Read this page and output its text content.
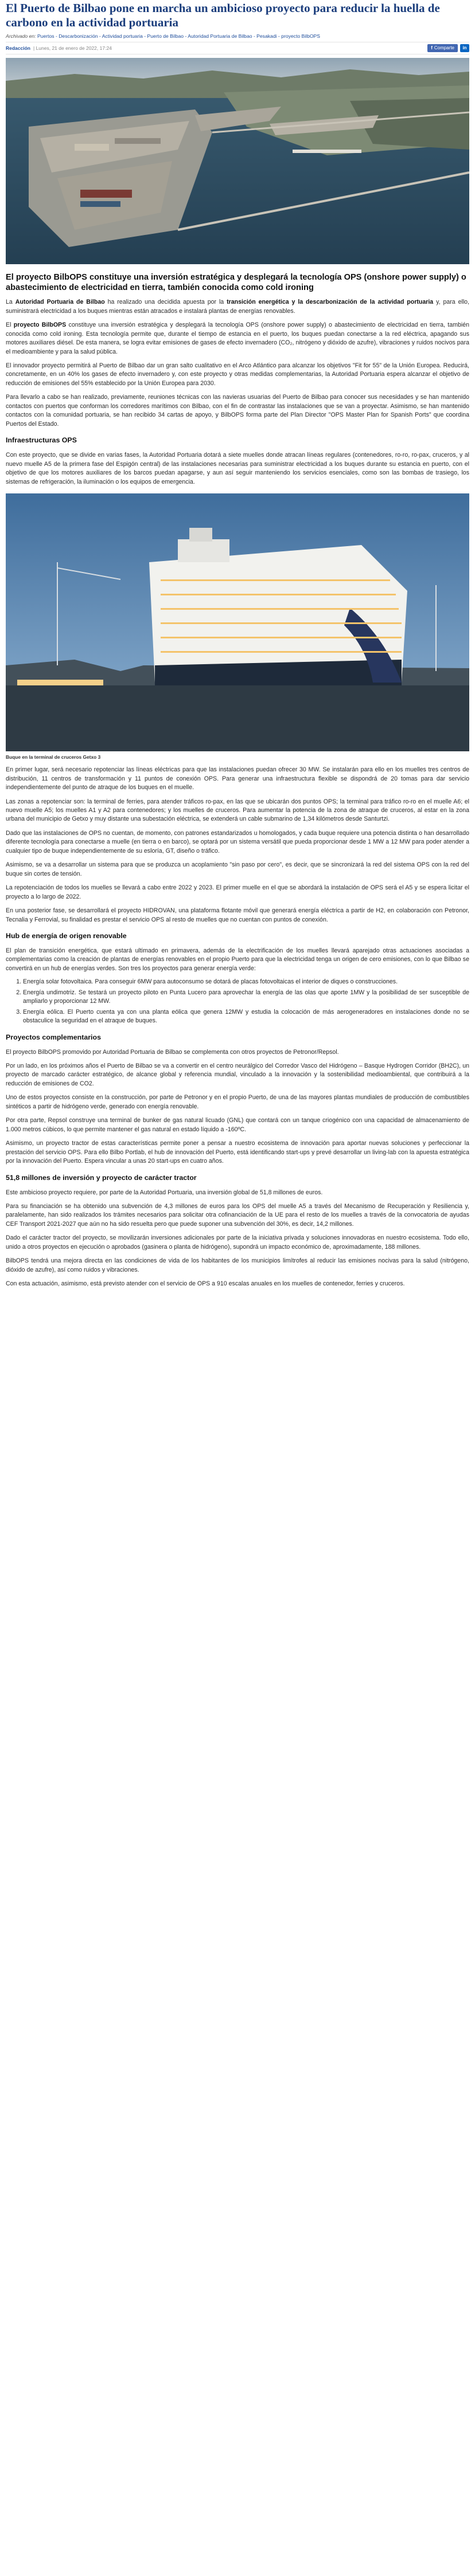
El Puerto de Bilbao pone en marcha un ambicioso proyecto para reducir la huella de carbono en la actividad portuaria
Archivado en: Puertos - Descarbonización - Actividad portuaria - Puerto de Bilbao - Autoridad Portuaria de Bilbao - Pesakadi - proyecto BilbOPS
Redacción | Lunes, 21 de enero de 2022, 17:24	f Comparte in
El proyecto BilbOPS constituye una inversión estratégica y desplegará la tecnología OPS (onshore power supply) o abastecimiento de electricidad en tierra, también conocida como cold ironing

La Autoridad Portuaria de Bilbao ha realizado una decidida apuesta por la transición energética y la descarbonización de la actividad portuaria y, para ello, suministrará electricidad a los buques mientras están atracados e instalará plantas de energías renovables.

El proyecto BilbOPS constituye una inversión estratégica y desplegará la tecnología OPS (onshore power supply) o abastecimiento de electricidad en tierra, también conocida como cold ironing. Esta tecnología permite que, durante el tiempo de estancia en el puerto, los buques puedan conectarse a la red eléctrica, apagando sus motores auxiliares diésel. De esta manera, se logra evitar emisiones de gases de efecto invernadero (CO₂, nitrógeno y dióxido de azufre), vibraciones y ruidos nocivos para el medioambiente y para la salud pública.

El innovador proyecto permitirá al Puerto de Bilbao dar un gran salto cualitativo en el Arco Atlántico para alcanzar los objetivos "Fit for 55" de la Unión Europea. Reducirá, concretamente, en un 40% los gases de efecto invernadero y, con este proyecto y otras medidas complementarias, la Autoridad Portuaria espera alcanzar el objetivo de reducción de emisiones del 55% establecido por la Unión Europea para 2030.

Para llevarlo a cabo se han realizado, previamente, reuniones técnicas con las navieras usuarias del Puerto de Bilbao para conocer sus necesidades y se han mantenido contactos con puertos que conforman los corredores marítimos con Bilbao, con el fin de contrastar las instalaciones que se van a proyectar. Asimismo, se han mantenido contactos con la comunidad portuaria, se han recibido 34 cartas de apoyo, y BilbOPS forma parte del Plan Director "OPS Master Plan for Spanish Ports" que coordina Puertos del Estado.

Infraestructuras OPS

Con este proyecto, que se divide en varias fases, la Autoridad Portuaria dotará a siete muelles donde atracan líneas regulares (contenedores, ro-ro, ro-pax, cruceros, y al nuevo muelle A5 de la primera fase del Espigón central) de las instalaciones necesarias para suministrar electricidad a los buques durante su estancia en puerto, con el objetivo de que los motores auxiliares de los barcos puedan apagarse, y aun así seguir manteniendo los servicios esenciales, como son las bombas de trasiego, los sistemas de refrigeración, la iluminación o los equipos de emergencia.

Buque en la terminal de cruceros Getxo 3

En primer lugar, será necesario repotenciar las líneas eléctricas para que las instalaciones puedan ofrecer 30 MW. Se instalarán para ello en los muelles tres centros de distribución, 11 centros de transformación y 11 puntos de conexión OPS. Para generar una infraestructura flexible se dispondrá de 20 tomas para dar servicio independientemente del punto de atraque de los buques en el muelle.

Las zonas a repotenciar son: la terminal de ferries, para atender tráficos ro-pax, en las que se ubicarán dos puntos OPS; la terminal para tráfico ro-ro en el muelle A6; el nuevo muelle A5; los muelles A1 y A2 para contenedores; y los muelles de cruceros. Para aumentar la potencia de la zona de atraque de cruceros, al estar en la zona urbana del municipio de Getxo y muy distante una subestación eléctrica, se extenderá un cable submarino de 1,34 kilómetros desde Santurtzi.

Dado que las instalaciones de OPS no cuentan, de momento, con patrones estandarizados u homologados, y cada buque requiere una potencia distinta o han desarrollado diferente tecnología para conectarse a muelle (en tierra o en barco), se optará por un sistema versátil que pueda proporcionar desde 1 MW a 12 MW para poder atender a cualquier tipo de buque independientemente de su esloría, GT, diseño o tráfico.

Asimismo, se va a desarrollar un sistema para que se produzca un acoplamiento "sin paso por cero", es decir, que se sincronizará la red del sistema OPS con la red del buque sin cortes de tensión.

La repotenciación de todos los muelles se llevará a cabo entre 2022 y 2023. El primer muelle en el que se abordará la instalación de OPS será el A5 y se espera licitar el proyecto a lo largo de 2022.

En una posterior fase, se desarrollará el proyecto HIDROVAN, una plataforma flotante móvil que generará energía eléctrica a partir de H2, en colaboración con Petronor, Tecnalia y Ferrovial, su finalidad es prestar el servicio OPS al resto de muelles que no cuentan con puntos de conexión.

Hub de energía de origen renovable

El plan de transición energética, que estará ultimado en primavera, además de la electrificación de los muelles llevará aparejado otras actuaciones asociadas a complementarias como la creación de plantas de energías renovables en el propio Puerto para que la electricidad tenga un origen de cero emisiones, con lo que Bilbao se convertirá en un hub de energías verdes. Son tres los proyectos para generar energía verde:

1. Energía solar fotovoltaica. Para conseguir 6MW para autoconsumo se dotará de placas fotovoltaicas el interior de diques o construcciones.
2. Energía undimotriz. Se testará un proyecto piloto en Punta Lucero para aprovechar la energía de las olas que aporte 1MW y la posibilidad de ser susceptible de ampliarlo y proporcionar 12 MW.
3. Energía eólica. El Puerto cuenta ya con una planta eólica que genera 12MW y estudia la colocación de más aerogeneradores en instalaciones donde no se obstaculice la seguridad en el atraque de buques.
Proyectos complementarios

El proyecto BilbOPS promovido por Autoridad Portuaria de Bilbao se complementa con otros proyectos de Petronor/Repsol.

Por un lado, en los próximos años el Puerto de Bilbao se va a convertir en el centro neurálgico del Corredor Vasco del Hidrógeno – Basque Hydrogen Corridor (BH2C), un proyecto de marcado carácter estratégico, de alcance global y referencia mundial, vinculado a la innovación y la sostenibilidad medioambiental, que contribuirá a la reducción de emisiones de CO2.

Uno de estos proyectos consiste en la construcción, por parte de Petronor y en el propio Puerto, de una de las mayores plantas mundiales de producción de combustibles sintéticos a partir de hidrógeno verde, generado con energía renovable.

Por otra parte, Repsol construye una terminal de bunker de gas natural licuado (GNL) que contará con un tanque criogénico con una capacidad de almacenamiento de 1.000 metros cúbicos, lo que permite mantener el gas natural en estado líquido a -160ºC.

Asimismo, un proyecto tractor de estas características permite poner a pensar a nuestro ecosistema de innovación para aportar nuevas soluciones y perfeccionar la prestación del servicio OPS. Para ello Bilbo Portlab, el hub de innovación del Puerto, está identificando start-ups y prevé desarrollar un living-lab con la apuesta estratégica por la innovación del Puerto. Espera vincular a unas 20 start-ups en cuatro años.

51,8 millones de inversión y proyecto de carácter tractor

Este ambicioso proyecto requiere, por parte de la Autoridad Portuaria, una inversión global de 51,8 millones de euros.

Para su financiación se ha obtenido una subvención de 4,3 millones de euros para los OPS del muelle A5 a través del Mecanismo de Recuperación y Resiliencia y, paralelamente, han sido realizados los trámites necesarios para solicitar otra cofinanciación de la UE para el resto de los muelles a través de la convocatoria de ayudas CEF Transport 2021-2027 que aún no ha sido resuelta pero que puede suponer una subvención del 30%, es decir, 14,2 millones.

Dado el carácter tractor del proyecto, se movilizarán inversiones adicionales por parte de la iniciativa privada y soluciones innovadoras en nuestro ecosistema. Todo ello, unido a otros proyectos en ejecución o aprobados (gasinera o planta de hidrógeno), supondrá un impacto económico de, aproximadamente, 188 millones.

BilbOPS tendrá una mejora directa en las condiciones de vida de los habitantes de los municipios limítrofes al reducir las emisiones nocivas para la salud (nitrógeno, dióxido de azufre), así como ruidos y vibraciones.

Con esta actuación, asimismo, está previsto atender con el servicio de OPS a 910 escalas anuales en los muelles de contenedor, ferries y cruceros.
